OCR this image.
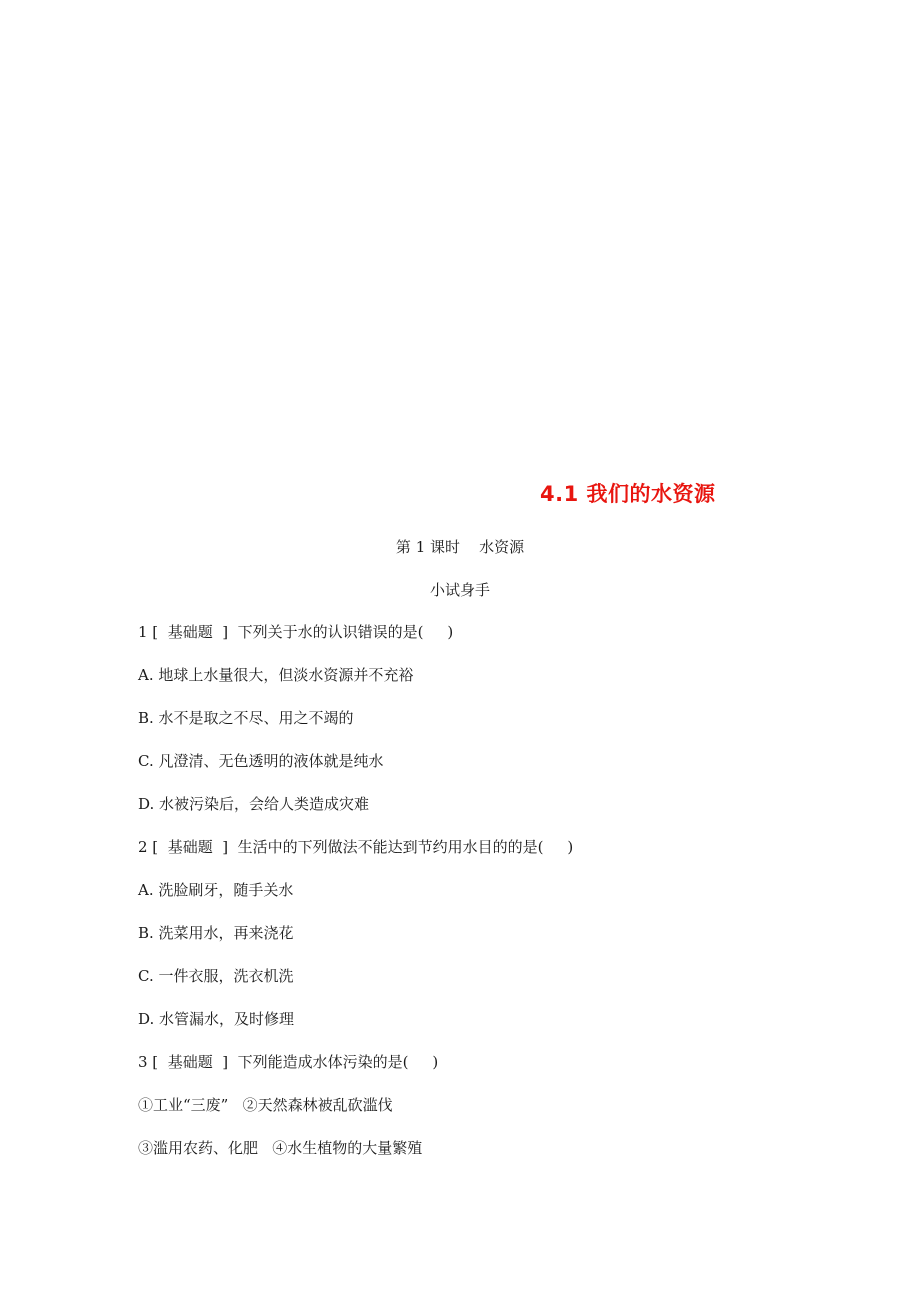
4.1 我们的水资源
第 1 课时    水资源
小试身手
1 [  基础题  ]  下列关于水的认识错误的是(     )
A. 地球上水量很大，但淡水资源并不充裕
B. 水不是取之不尽、用之不竭的
C. 凡澄清、无色透明的液体就是纯水
D. 水被污染后，会给人类造成灾难
2 [  基础题  ]  生活中的下列做法不能达到节约用水目的的是(     )
A. 洗脸刷牙，随手关水
B. 洗菜用水，再来浇花
C. 一件衣服，洗衣机洗
D. 水管漏水，及时修理
3 [  基础题  ]  下列能造成水体污染的是(     )
①工业“三废”   ②天然森林被乱砍滥伐
③滥用农药、化肥   ④水生植物的大量繁殖
